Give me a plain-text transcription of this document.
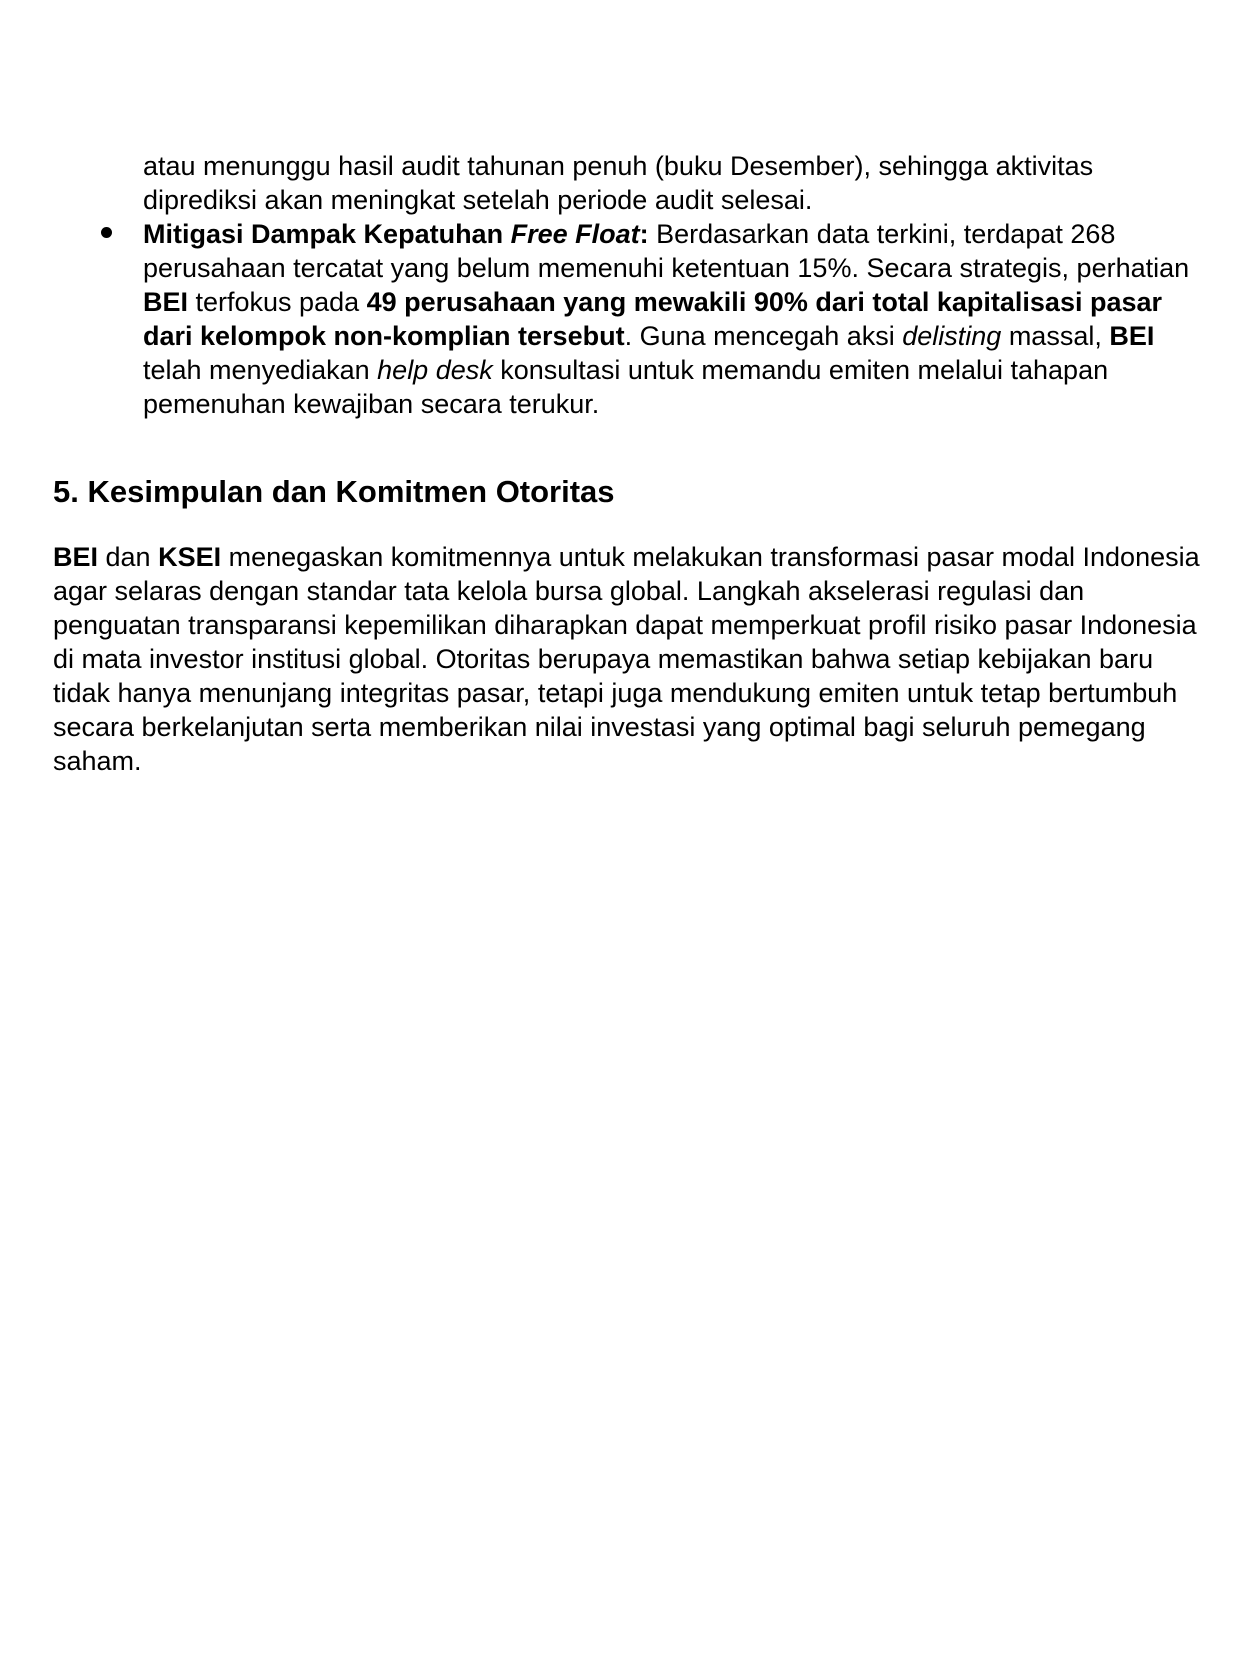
atau menunggu hasil audit tahunan penuh (buku Desember), sehingga aktivitas diprediksi akan meningkat setelah periode audit selesai.
Mitigasi Dampak Kepatuhan Free Float: Berdasarkan data terkini, terdapat 268 perusahaan tercatat yang belum memenuhi ketentuan 15%. Secara strategis, perhatian BEI terfokus pada 49 perusahaan yang mewakili 90% dari total kapitalisasi pasar dari kelompok non-komplian tersebut. Guna mencegah aksi delisting massal, BEI telah menyediakan help desk konsultasi untuk memandu emiten melalui tahapan pemenuhan kewajiban secara terukur.
5. Kesimpulan dan Komitmen Otoritas

BEI dan KSEI menegaskan komitmennya untuk melakukan transformasi pasar modal Indonesia agar selaras dengan standar tata kelola bursa global. Langkah akselerasi regulasi dan penguatan transparansi kepemilikan diharapkan dapat memperkuat profil risiko pasar Indonesia di mata investor institusi global. Otoritas berupaya memastikan bahwa setiap kebijakan baru tidak hanya menunjang integritas pasar, tetapi juga mendukung emiten untuk tetap bertumbuh secara berkelanjutan serta memberikan nilai investasi yang optimal bagi seluruh pemegang saham.
